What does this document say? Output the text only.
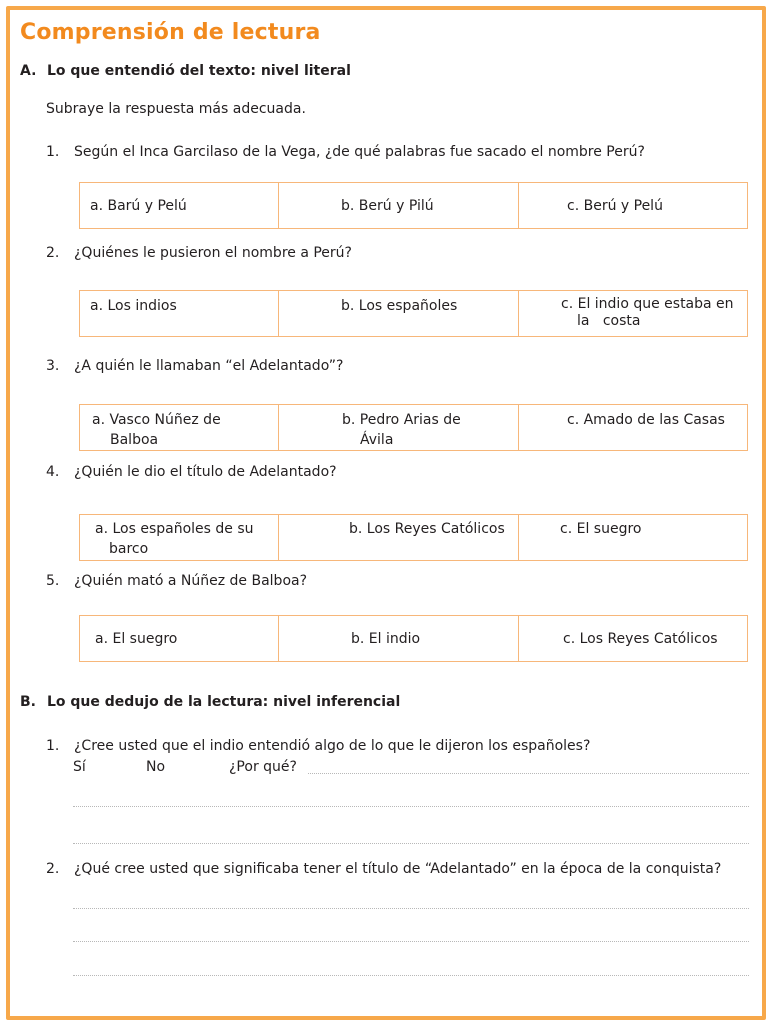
Comprensión de lectura

A. Lo que entendió del texto: nivel literal

Subraye la respuesta más adecuada.

1. Según el Inca Garcilaso de la Vega, ¿de qué palabras fue sacado el nombre Perú?

a. Barú y Pelú	b. Berú y Pilú	c. Berú y Pelú

2. ¿Quiénes le pusieron el nombre a Perú?

a. Los indios	b. Los españoles	c. El indio que estaba en
la   costa

3. ¿A quién le llamaban “el Adelantado”?

a. Vasco Núñez de
Balboa
b. Pedro Arias de
Ávila
c. Amado de las Casas

4. ¿Quién le dio el título de Adelantado?

a. Los españoles de su
barco
b. Los Reyes Católicos	c. El suegro

5. ¿Quién mató a Núñez de Balboa?

a. El suegro	b. El indio	c. Los Reyes Católicos

B. Lo que dedujo de la lectura: nivel inferencial

1. ¿Cree usted que el indio entendió algo de lo que le dijeron los españoles?

Sí	No	¿Por qué?

2. ¿Qué cree usted que significaba tener el título de “Adelantado” en la época de la conquista?
